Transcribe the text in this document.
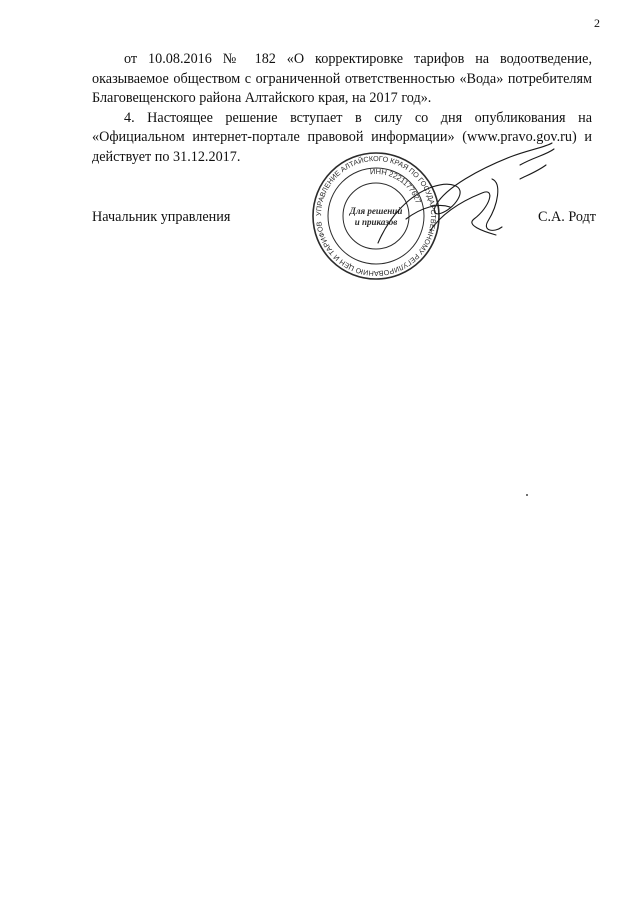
2

от 10.08.2016 № 182 «О корректировке тарифов на водоотведение, оказываемое обществом с ограниченной ответственностью «Вода» потребителям Благовещенского района Алтайского края, на 2017 год».

4. Настоящее решение вступает в силу со дня опубликования на «Официальном интернет-портале правовой информации» (www.pravo.gov.ru) и действует по 31.12.2017.

Начальник управления	УПРАВЛЕНИЕ АЛТАЙСКОГО КРАЯ ПО ГОСУДАРСТВЕННОМУ РЕГУЛИРОВАНИЮ ЦЕН И ТАРИФОВ
ИНН 2221177627
Для решений
и приказов	С.А. Родт
